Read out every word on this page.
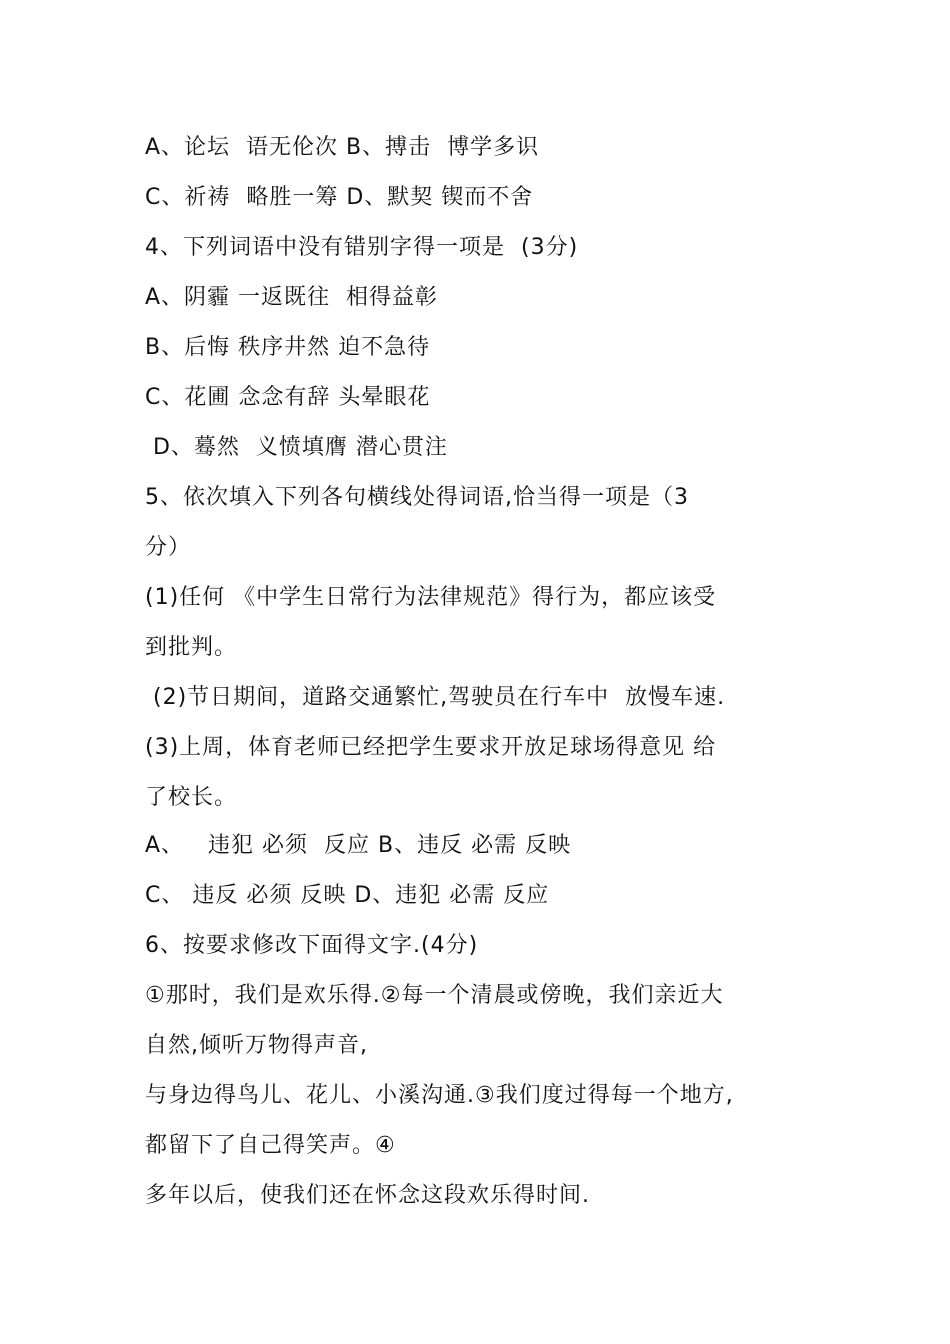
A、论坛  语无伦次 B、搏击  博学多识
C、祈祷  略胜一筹 D、默契 锲而不舍
4、下列词语中没有错别字得一项是  (3分)
A、阴霾 一返既往  相得益彰
B、后悔 秩序井然 迫不急待
C、花圃 念念有辞 头晕眼花
D、蓦然  义愤填膺 潜心贯注
5、依次填入下列各句横线处得词语,恰当得一项是（3
分）
(1)任何 《中学生日常行为法律规范》得行为，都应该受
到批判。
(2)节日期间，道路交通繁忙,驾驶员在行车中  放慢车速.
(3)上周，体育老师已经把学生要求开放足球场得意见 给
了校长。
A、   违犯 必须  反应 B、违反 必需 反映
C、 违反 必须 反映 D、违犯 必需 反应
6、按要求修改下面得文字.(4分)
①那时，我们是欢乐得.②每一个清晨或傍晚，我们亲近大
自然,倾听万物得声音,
与身边得鸟儿、花儿、小溪沟通.③我们度过得每一个地方,
都留下了自己得笑声。④
多年以后，使我们还在怀念这段欢乐得时间.
